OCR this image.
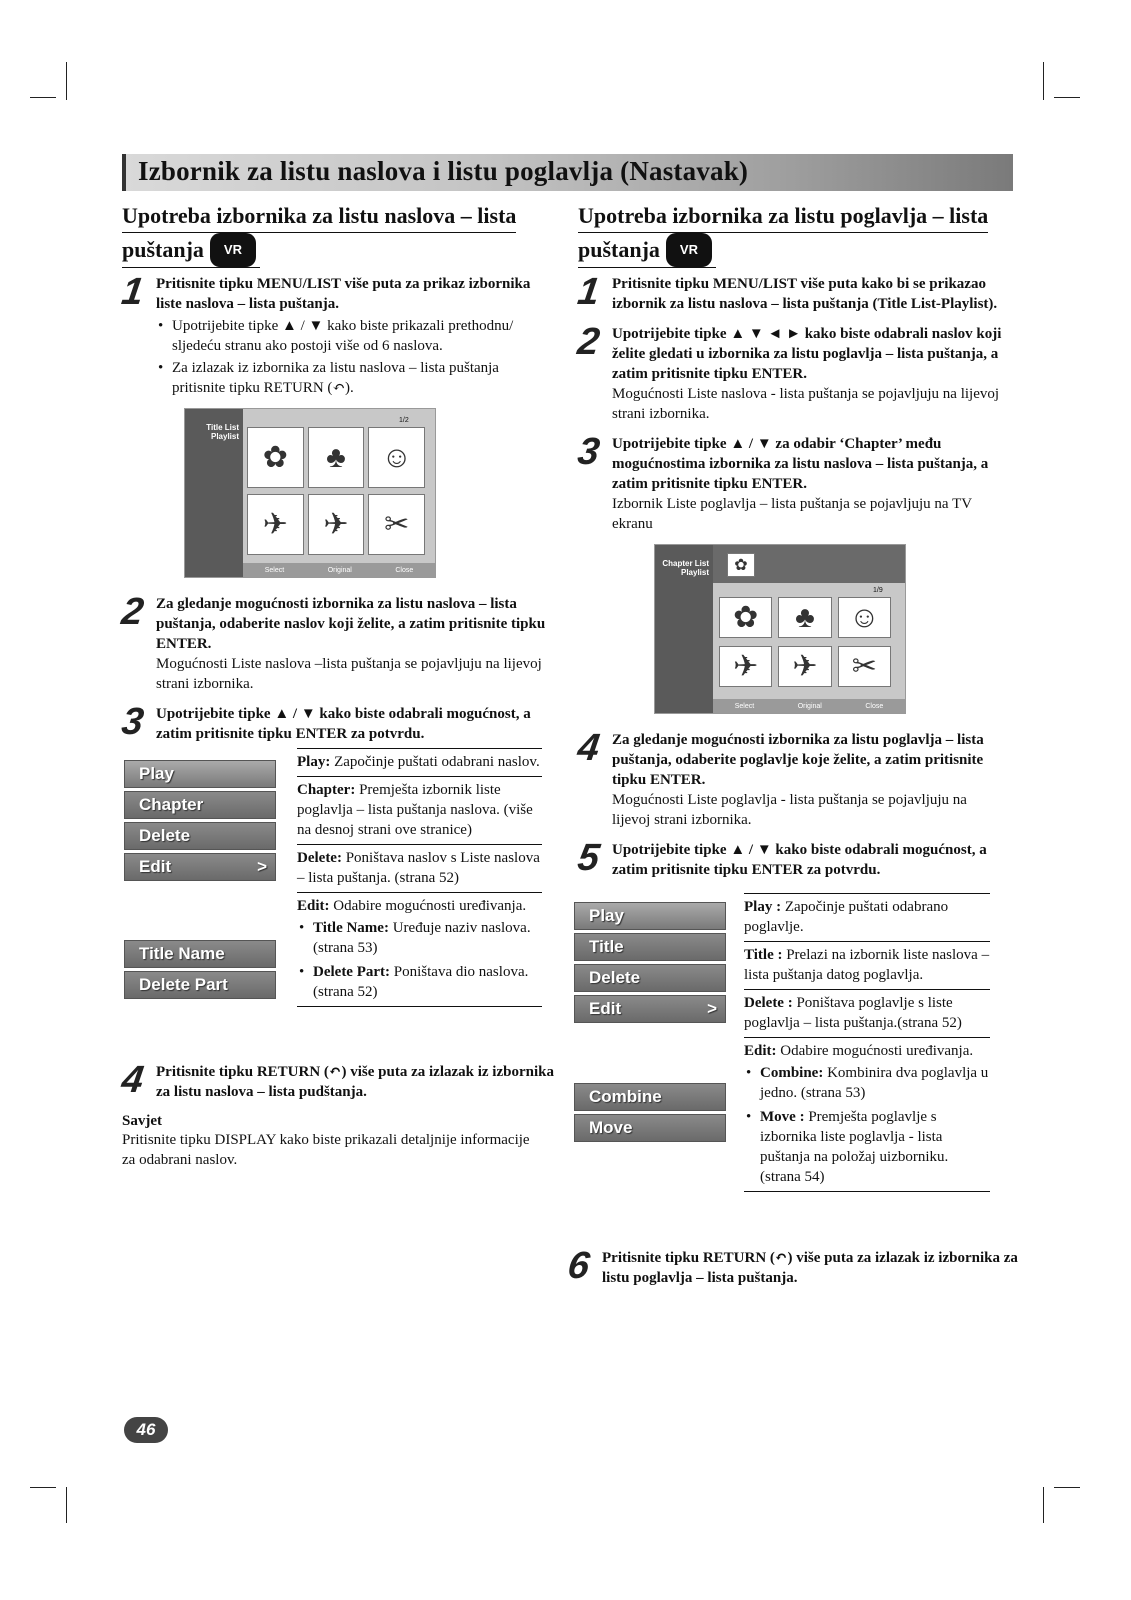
Izbornik za listu naslova i listu poglavlja (Nastavak)
Upotreba izbornika za listu naslova – lista
puštanja VR
1 Pritisnite tipku MENU/LIST više puta za prikaz izbornika liste naslova – lista puštanja.
• Upotrijebite tipke ▲ / ▼ kako biste prikazali prethodnu/ sljedeću stranu ako postoji više od 6 naslova.
• Za izlazak iz izbornika za listu naslova – lista puštanja pritisnite tipku RETURN (↶).
Title List
Playlist
1/2
✿	♣	☺
✈	✈	✂
Select	Original	Close
2 Za gledanje mogućnosti izbornika za listu naslova – lista puštanja, odaberite naslov koji želite, a zatim pritisnite tipku ENTER.
Mogućnosti Liste naslova –lista puštanja se pojavljuju na lijevoj strani izbornika.
3 Upotrijebite tipke ▲ / ▼ kako biste odabrali mogućnost, a zatim pritisnite tipku ENTER za potvrdu.
Play
Chapter
Delete
Edit	>
Title Name
Delete Part
Play: Započinje puštati odabrani naslov.
Chapter: Premješta izbornik liste poglavlja – lista puštanja naslova. (više na desnoj strani ove stranice)
Delete: Poništava naslov s Liste naslova – lista puštanja. (strana 52)
Edit: Odabire mogućnosti uređivanja.
• Title Name: Uređuje naziv naslova. (strana 53)
• Delete Part: Poništava dio naslova. (strana 52)
4 Pritisnite tipku RETURN (↶) više puta za izlazak iz izbornika za listu naslova – lista pudštanja.
Savjet

Pritisnite tipku DISPLAY kako biste prikazali detaljnije informacije za odabrani naslov.

Upotreba izbornika za listu poglavlja – lista
puštanja VR
1 Pritisnite tipku MENU/LIST više puta kako bi se prikazao izbornik za listu naslova – lista puštanja (Title List-Playlist).
2 Upotrijebite tipke ▲ ▼ ◄ ► kako biste odabrali naslov koji želite gledati u izbornika za listu poglavlja – lista puštanja, a zatim pritisnite tipku ENTER.
Mogućnosti Liste naslova - lista puštanja se pojavljuju na lijevoj strani izbornika.
3 Upotrijebite tipke ▲ / ▼ za odabir ‘Chapter’ među mogućnostima izbornika za listu naslova – lista puštanja, a zatim pritisnite tipku ENTER.
Izbornik Liste poglavlja – lista puštanja se pojavljuju na TV ekranu
Chapter List
Playlist	✿
1/9
✿	♣	☺
✈	✈	✂
Select	Original	Close
4 Za gledanje mogućnosti izbornika za listu poglavlja – lista puštanja, odaberite poglavlje koje želite, a zatim pritisnite tipku ENTER.
Mogućnosti Liste poglavlja - lista puštanja se pojavljuju na lijevoj strani izbornika.
5 Upotrijebite tipke ▲ / ▼ kako biste odabrali mogućnost, a zatim pritisnite tipku ENTER za potvrdu.
Play
Title
Delete
Edit	>
Combine
Move
Play : Započinje puštati odabrano poglavlje.
Title : Prelazi na izbornik liste naslova – lista puštanja datog poglavlja.
Delete : Poništava poglavlje s liste poglavlja – lista puštanja.(strana 52)
Edit: Odabire mogućnosti uređivanja.
• Combine: Kombinira dva poglavlja u jedno. (strana 53)
• Move : Premješta poglavlje s izbornika liste poglavlja - lista puštanja na položaj uizborniku. (strana 54)
6 Pritisnite tipku RETURN (↶) više puta za izlazak iz izbornika za listu poglavlja – lista puštanja.
46
